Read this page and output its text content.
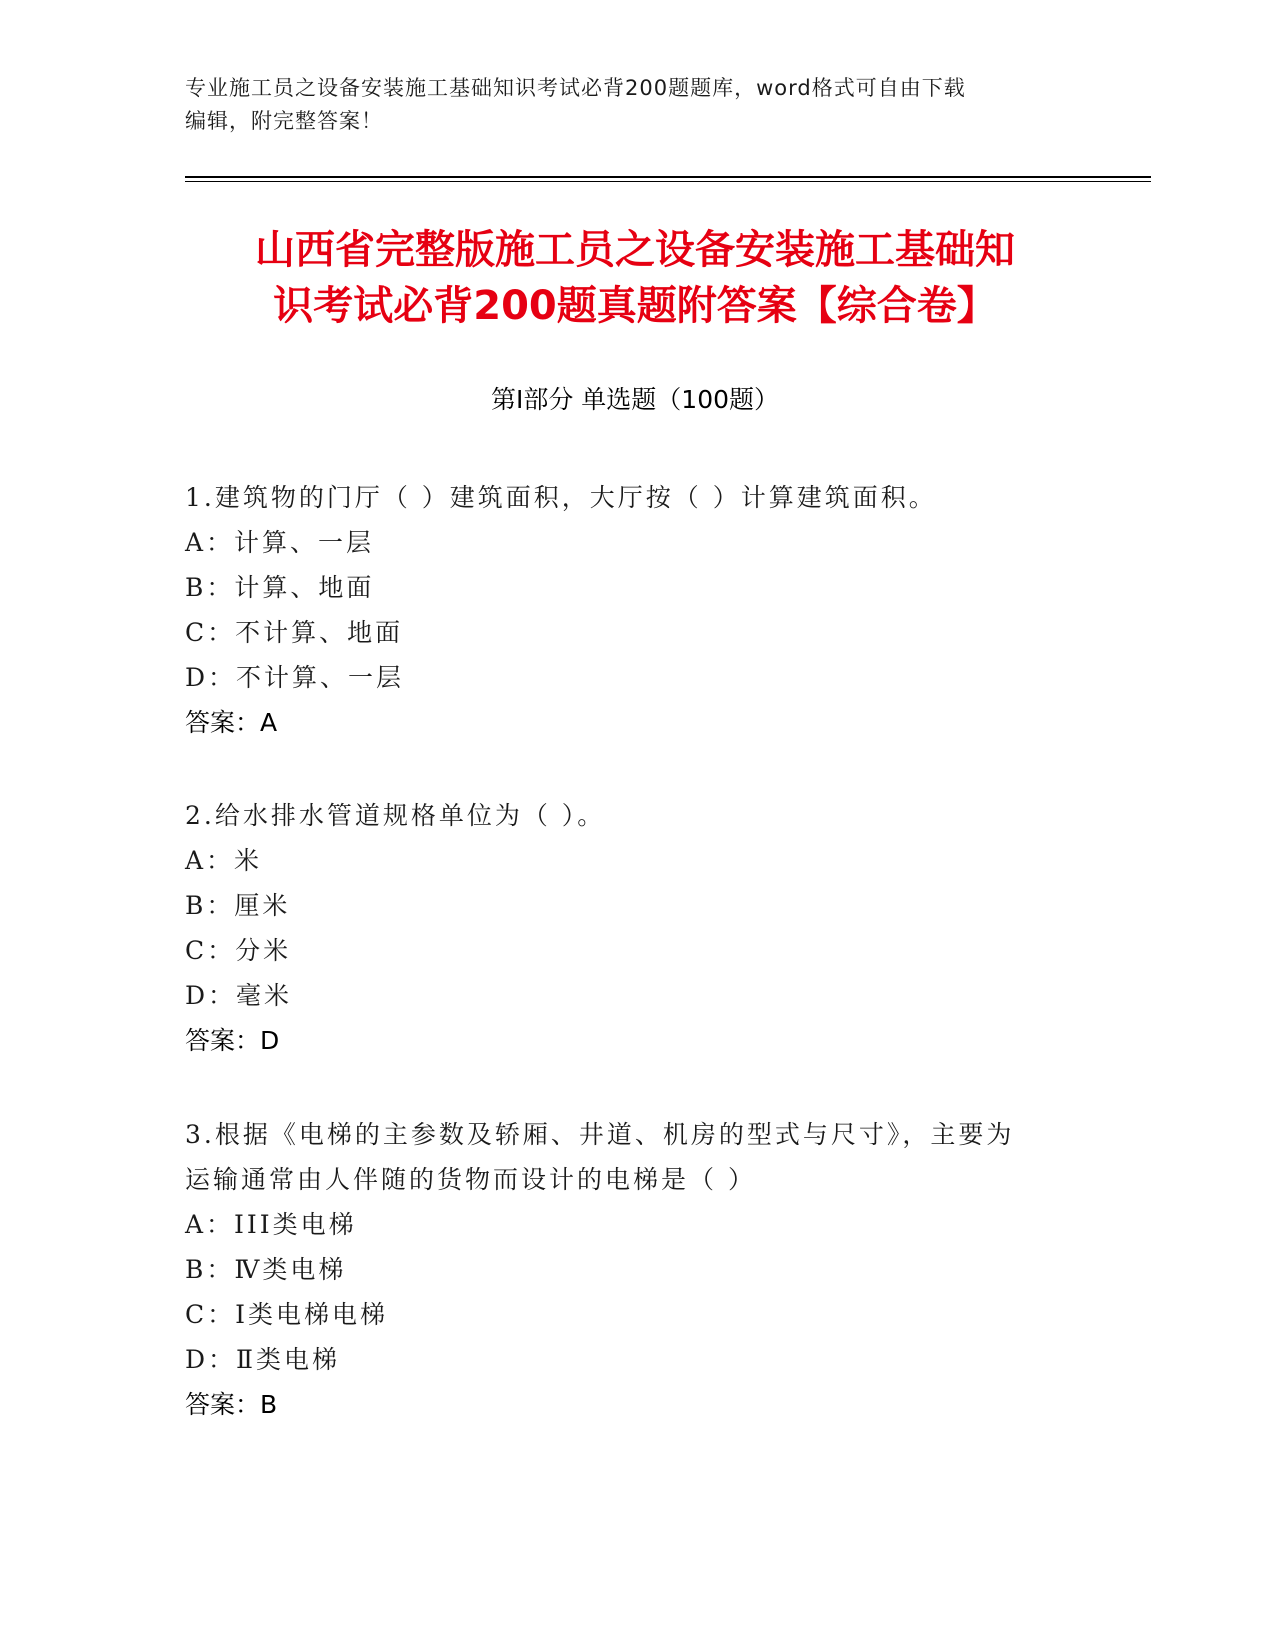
专业施工员之设备安装施工基础知识考试必背200题题库，word格式可自由下载
编辑，附完整答案！
山西省完整版施工员之设备安装施工基础知
识考试必背200题真题附答案【综合卷】
第I部分 单选题（100题）

1.建筑物的门厅（ ）建筑面积，大厅按（ ）计算建筑面积。

A：计算、一层

B：计算、地面

C：不计算、地面

D：不计算、一层

答案：A

2.给水排水管道规格单位为（ ）。

A：米

B：厘米

C：分米

D：毫米

答案：D

3.根据《电梯的主参数及轿厢、井道、机房的型式与尺寸》，主要为

运输通常由人伴随的货物而设计的电梯是（ ）

A：III类电梯

B：Ⅳ类电梯

C：Ⅰ类电梯电梯

D：Ⅱ类电梯

答案：B
